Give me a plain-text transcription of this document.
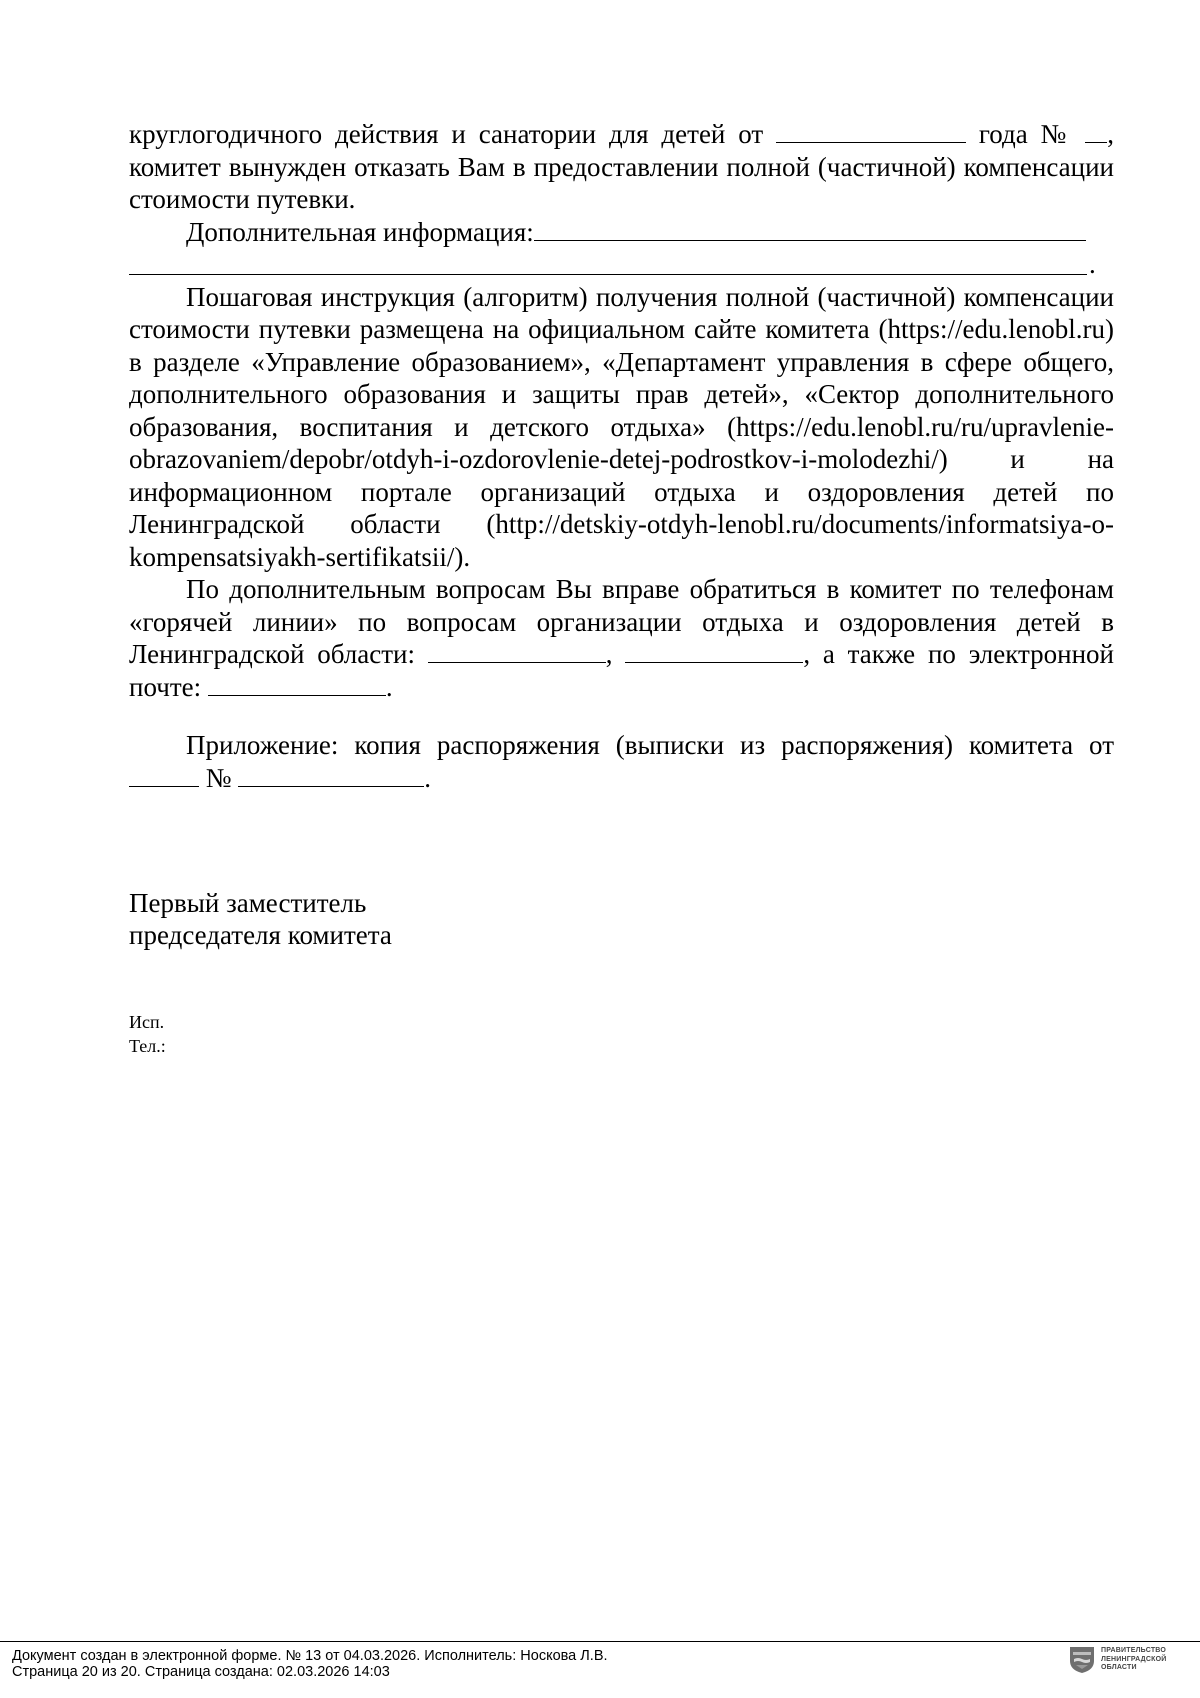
круглогодичного действия и санатории для детей от	года № , комитет вынужден отказать Вам в предоставлении полной (частичной) компенсации стоимости путевки.

Дополнительная информация:

.

Пошаговая инструкция (алгоритм) получения полной (частичной) компенсации стоимости путевки размещена на официальном сайте комитета (https://edu.lenobl.ru) в разделе «Управление образованием», «Департамент управления в сфере общего, дополнительного образования и защиты прав детей», «Сектор дополнительного образования, воспитания и детского отдыха» (https://edu.lenobl.ru/ru/upravlenie-obrazovaniem/depobr/otdyh-i-ozdorovlenie-detej-podrostkov-i-molodezhi/) и на информационном портале организаций отдыха и оздоровления детей по Ленинградской области (http://detskiy-otdyh-lenobl.ru/documents/informatsiya-o-kompensatsiyakh-sertifikatsii/).

По дополнительным вопросам Вы вправе обратиться в комитет по телефонам «горячей линии» по вопросам организации отдыха и оздоровления детей в Ленинградской области:	,	, а также по электронной почте:	.

Приложение: копия распоряжения (выписки из распоряжения) комитета от  №	.

Первый заместитель
председателя комитета
Исп.
Тел.:
Документ создан в электронной форме. № 13 от 04.03.2026. Исполнитель: Носкова Л.В.
Страница 20 из 20. Страница создана: 02.03.2026 14:03
ПРАВИТЕЛЬСТВО
ЛЕНИНГРАДСКОЙ
ОБЛАСТИ
